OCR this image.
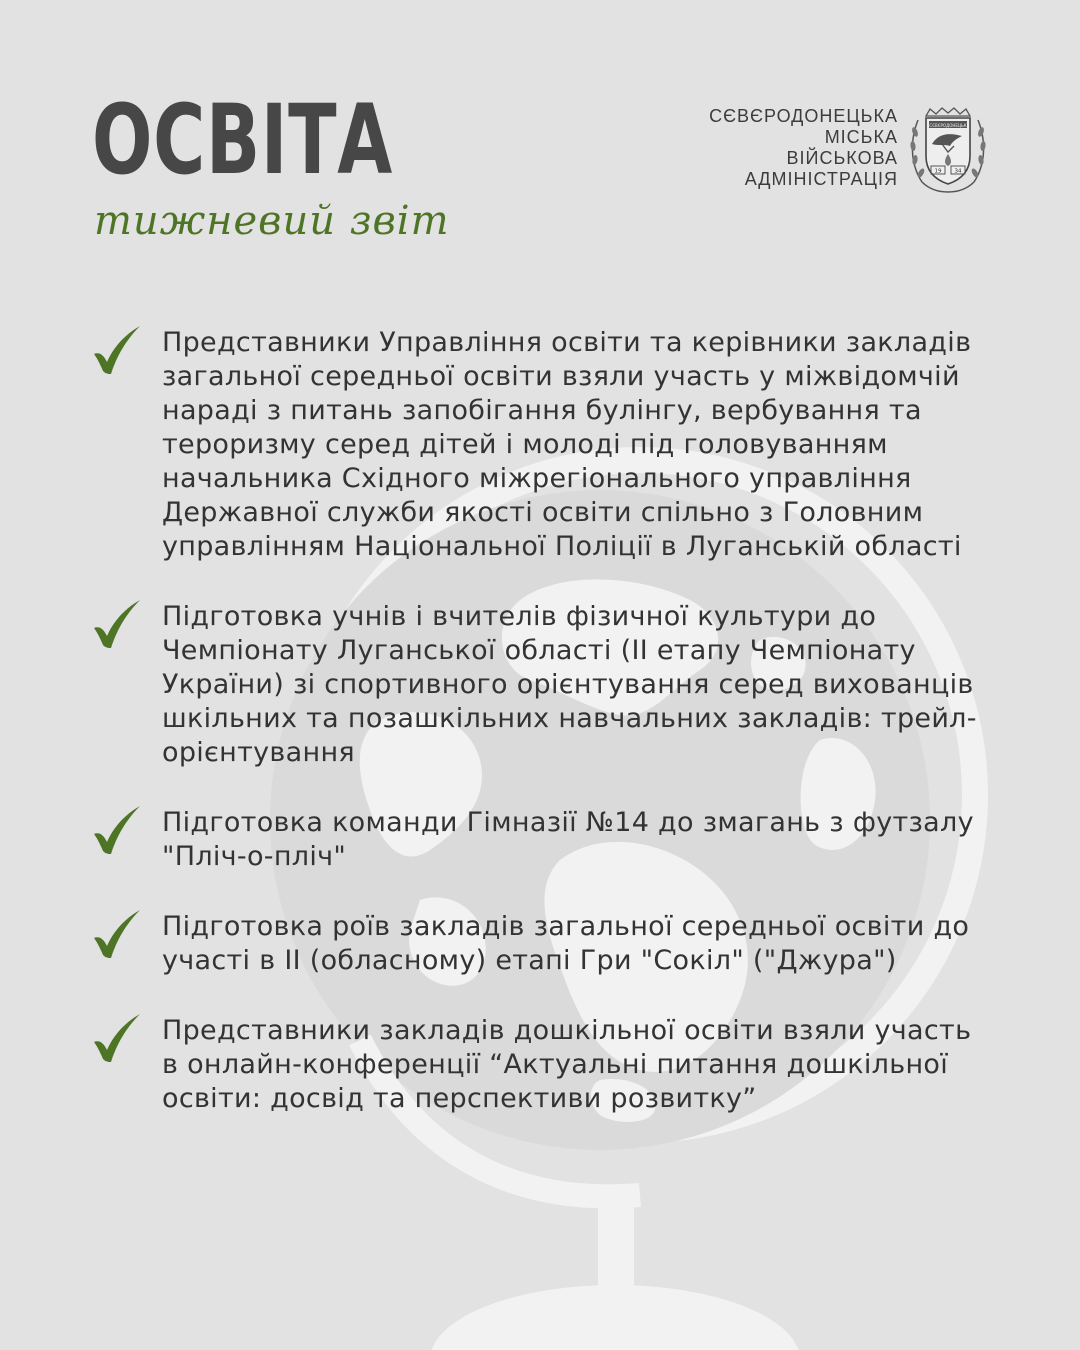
ОСВІТА
тижневий звіт
СЄВЄРОДОНЕЦЬКА
МІСЬКА
ВІЙСЬКОВА
АДМІНІСТРАЦІЯ
СЄВЄРОДОНЕЦЬК
19 34
Представники Управління освіти та керівники закладів загальної середньої освіти взяли участь у міжвідомчій нараді з питань запобігання булінгу, вербування та тероризму серед дітей і молоді під головуванням начальника Східного міжрегіонального управління Державної служби якості освіти спільно з Головним управлінням Національної Поліції в Луганській області
Підготовка учнів і вчителів фізичної культури до Чемпіонату Луганської області (ІІ етапу Чемпіонату України) зі спортивного орієнтування серед вихованців шкільних та позашкільних навчальних закладів: трейл-орієнтування
Підготовка команди Гімназії №14 до змагань з футзалу "Пліч-о-пліч"
Підготовка роїв закладів загальної середньої освіти до участі в ІІ (обласному) етапі Гри "Сокіл" ("Джура")
Представники закладів дошкільної освіти взяли участь в онлайн-конференції “Актуальні питання дошкільної освіти: досвід та перспективи розвитку”
